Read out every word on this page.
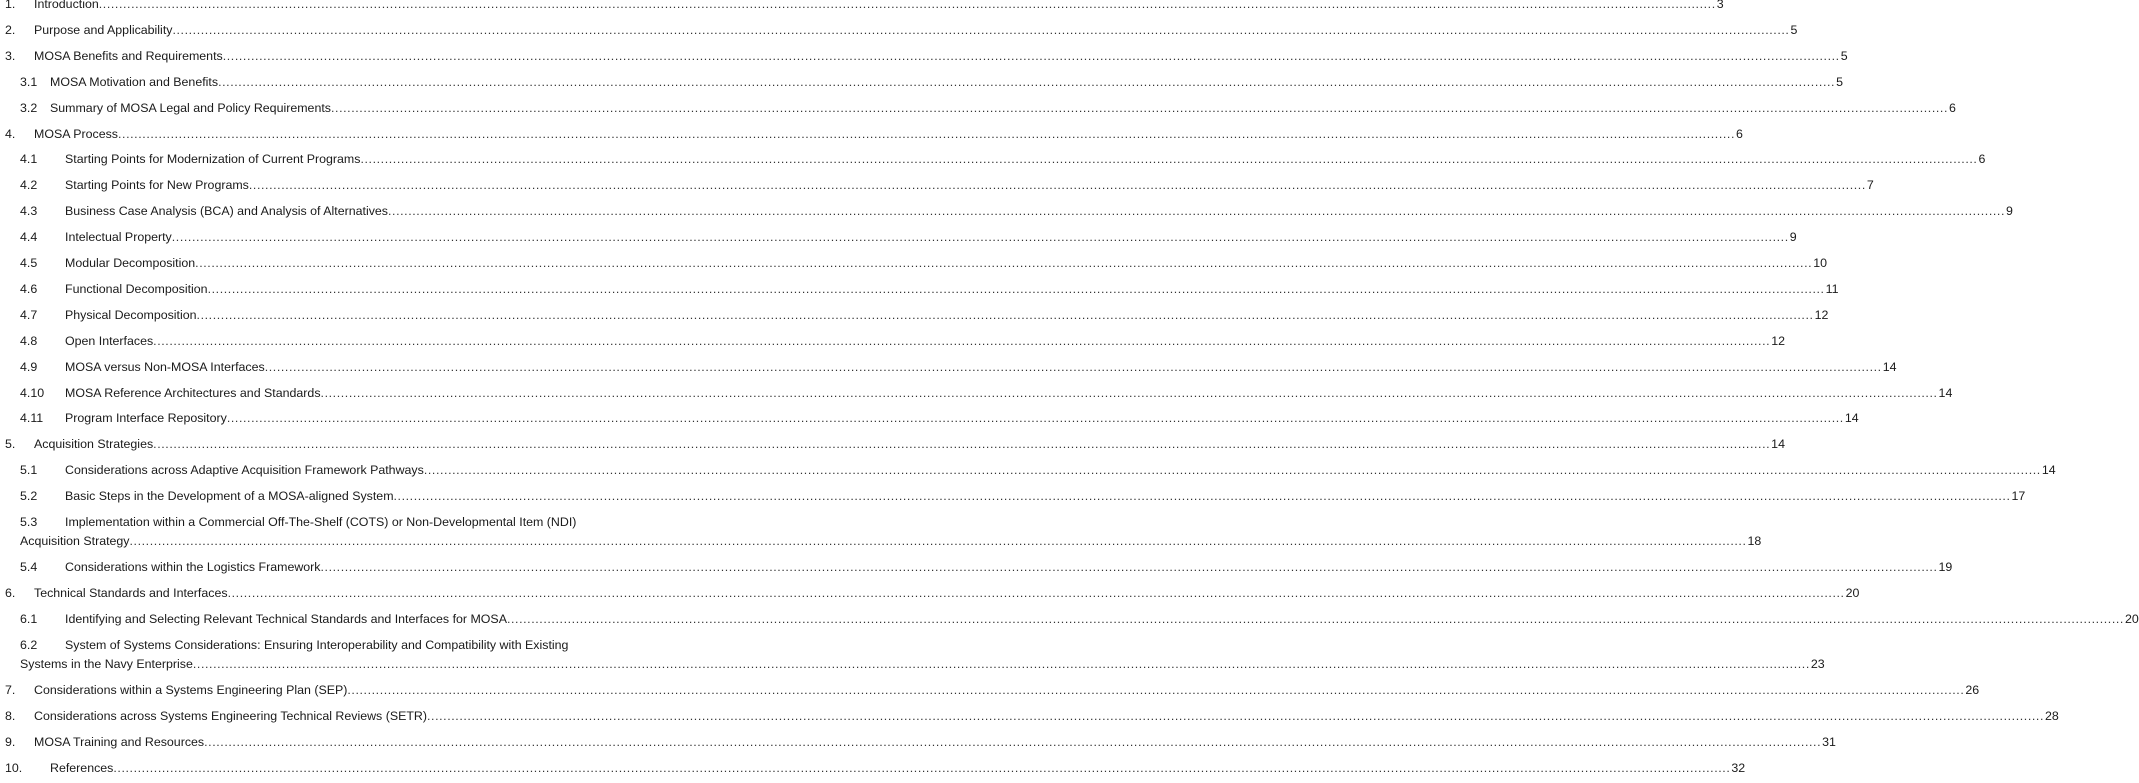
1. Introduction ................................................................................................................................................................................................................................................................................................................................................................................................................ 3
2. Purpose and Applicability ................................................................................................................................................................................................................................................................................................................................................................................................................ 5
3. MOSA Benefits and Requirements ................................................................................................................................................................................................................................................................................................................................................................................................................ 5
3.1 MOSA Motivation and Benefits ................................................................................................................................................................................................................................................................................................................................................................................................................ 5
3.2 Summary of MOSA Legal and Policy Requirements ................................................................................................................................................................................................................................................................................................................................................................................................................ 6
4. MOSA Process ................................................................................................................................................................................................................................................................................................................................................................................................................ 6
4.1 Starting Points for Modernization of Current Programs ................................................................................................................................................................................................................................................................................................................................................................................................................ 6
4.2 Starting Points for New Programs ................................................................................................................................................................................................................................................................................................................................................................................................................ 7
4.3 Business Case Analysis (BCA) and Analysis of Alternatives ................................................................................................................................................................................................................................................................................................................................................................................................................ 9
4.4 Intelectual Property ................................................................................................................................................................................................................................................................................................................................................................................................................ 9
4.5 Modular Decomposition ................................................................................................................................................................................................................................................................................................................................................................................................................ 10
4.6 Functional Decomposition ................................................................................................................................................................................................................................................................................................................................................................................................................ 11
4.7 Physical Decomposition ................................................................................................................................................................................................................................................................................................................................................................................................................ 12
4.8 Open Interfaces ................................................................................................................................................................................................................................................................................................................................................................................................................ 12
4.9 MOSA versus Non-MOSA Interfaces ................................................................................................................................................................................................................................................................................................................................................................................................................ 14
4.10 MOSA Reference Architectures and Standards ................................................................................................................................................................................................................................................................................................................................................................................................................ 14
4.11 Program Interface Repository ................................................................................................................................................................................................................................................................................................................................................................................................................ 14
5. Acquisition Strategies ................................................................................................................................................................................................................................................................................................................................................................................................................ 14
5.1 Considerations across Adaptive Acquisition Framework Pathways ................................................................................................................................................................................................................................................................................................................................................................................................................ 14
5.2 Basic Steps in the Development of a MOSA-aligned System ................................................................................................................................................................................................................................................................................................................................................................................................................ 17
5.3 Implementation within a Commercial Off-The-Shelf (COTS) or Non-Developmental Item (NDI)
Acquisition Strategy ................................................................................................................................................................................................................................................................................................................................................................................................................ 18
5.4 Considerations within the Logistics Framework ................................................................................................................................................................................................................................................................................................................................................................................................................ 19
6. Technical Standards and Interfaces ................................................................................................................................................................................................................................................................................................................................................................................................................ 20
6.1 Identifying and Selecting Relevant Technical Standards and Interfaces for MOSA ................................................................................................................................................................................................................................................................................................................................................................................................................ 20
6.2 System of Systems Considerations: Ensuring Interoperability and Compatibility with Existing
Systems in the Navy Enterprise ................................................................................................................................................................................................................................................................................................................................................................................................................ 23
7. Considerations within a Systems Engineering Plan (SEP) ................................................................................................................................................................................................................................................................................................................................................................................................................ 26
8. Considerations across Systems Engineering Technical Reviews (SETR) ................................................................................................................................................................................................................................................................................................................................................................................................................ 28
9. MOSA Training and Resources ................................................................................................................................................................................................................................................................................................................................................................................................................ 31
10. References ................................................................................................................................................................................................................................................................................................................................................................................................................ 32
